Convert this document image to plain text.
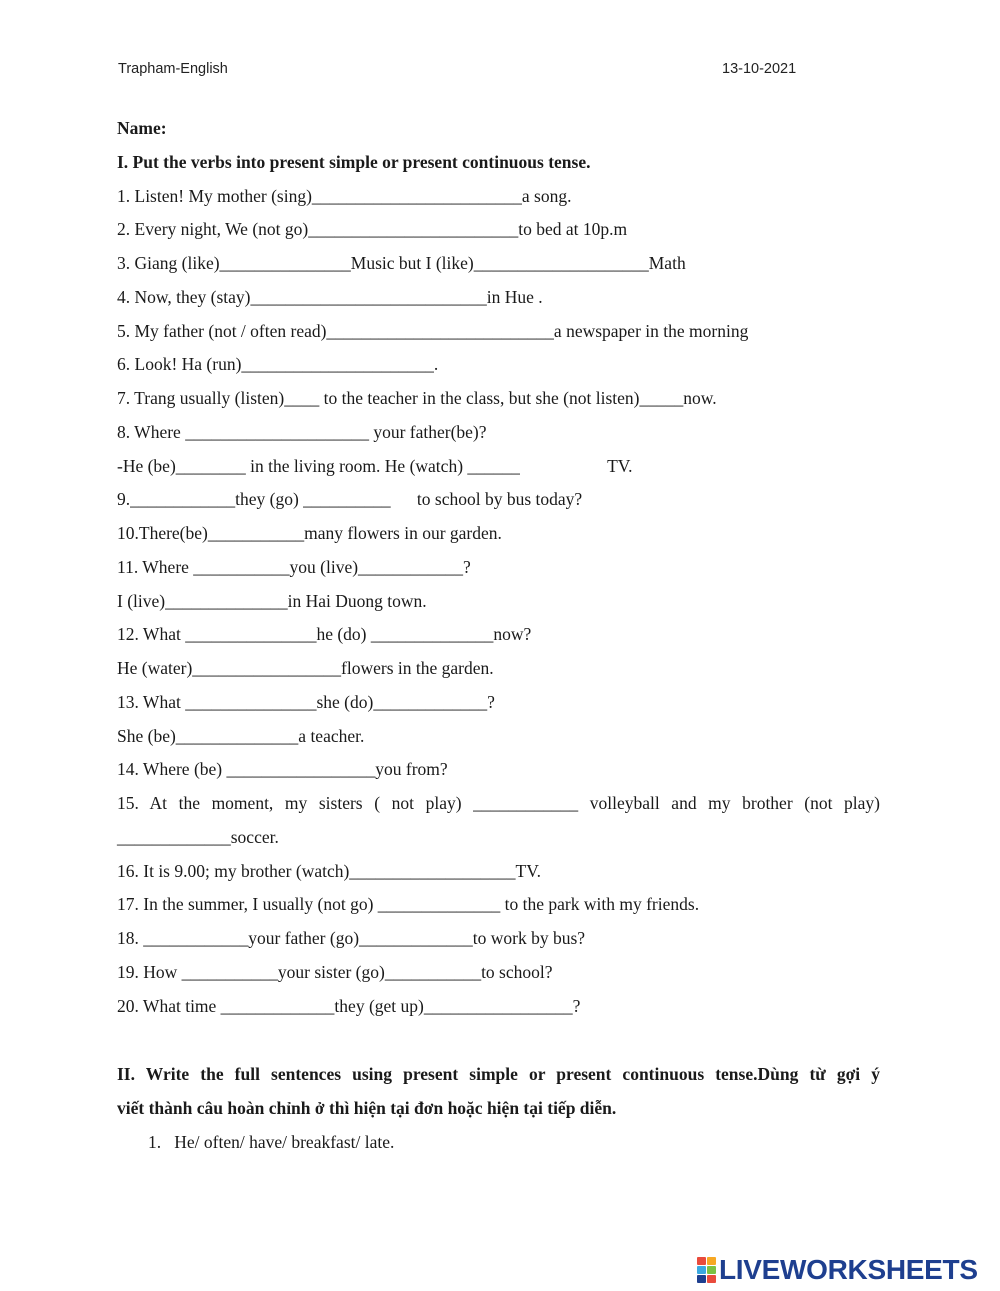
Trapham-English	13-10-2021
Name:
I. Put the verbs into present simple or present continuous tense.
1. Listen! My mother (sing)________________________a song.
2. Every night, We (not go)________________________to bed at 10p.m
3. Giang (like)_______________Music but I (like)____________________Math
4. Now, they (stay)___________________________in Hue .
5. My father (not / often read)__________________________a newspaper in the morning
6. Look! Ha (run)______________________.
7. Trang usually (listen)____ to the teacher in the class, but she (not listen)_____now.
8. Where _____________________ your father(be)?
-He (be)________ in the living room. He (watch) ______                    TV.
9.____________they (go) __________      to school by bus today?
10.There(be)___________many flowers in our garden.
11. Where ___________you (live)____________?
I (live)______________in Hai Duong town.
12. What _______________he (do) ______________now?
He (water)_________________flowers in the garden.
13. What _______________she (do)_____________?
She (be)______________a teacher.
14. Where (be) _________________you from?
15. At the moment, my sisters ( not play) ____________ volleyball and my brother (not play)
_____________soccer.
16. It is 9.00; my brother (watch)___________________TV.
17. In the summer, I usually (not go) ______________ to the park with my friends.
18. ____________your father (go)_____________to work by bus?
19. How ___________your sister (go)___________to school?
20. What time _____________they (get up)_________________?
II. Write the full sentences using present simple or present continuous tense.Dùng từ gợi ý
viết thành câu hoàn chỉnh ở thì hiện tại đơn hoặc hiện tại tiếp diễn.
1.   He/ often/ have/ breakfast/ late.
LIVEWORKSHEETS
